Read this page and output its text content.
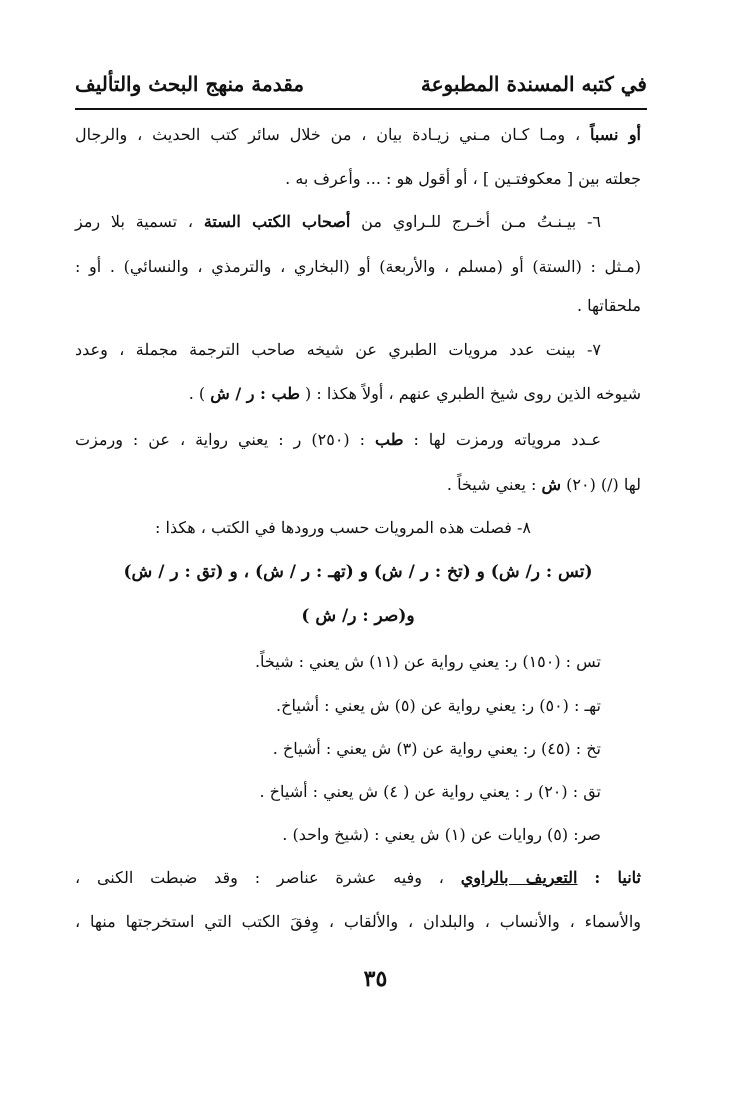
في كتبه المسندة المطبوعة
مقدمة منهج البحث والتأليف
أو نسباً ، ومـا كـان مـني زيـادة بيان ، من خلال سائر كتب الحديث ، والرجال
جعلته بين [ معكوفتـين ] ، أو أقول هو : ... وأعرف به .
٦- بيـنـتُ مـن أخـرج للـراوي من أصحاب الكتب الستة ، تسمية بلا رمز
(مـثل : (الستة) أو (مسلم ، والأربعة) أو (البخاري ، والترمذي ، والنسائي) . أو :
ملحقاتها .
٧- بينت عدد مرويات الطبري عن شيخه صاحب الترجمة مجملة ، وعدد
شيوخه الذين روى شيخ الطبري عنهم ، أولاً هكذا : ( طب : ر / ش ) .
عـدد مروياته ورمزت لها : طب : (٢٥٠) ر : يعني رواية ، عن : ورمزت
لها (/) (٢٠) ش : يعني شيخاً .
٨- فصلت هذه المرويات حسب ورودها في الكتب ، هكذا :
(تس : ر/ ش) و (تخ : ر / ش) و (تهـ : ر / ش) ، و (تق : ر / ش)
و(صر : ر/ ش )
تس : (١٥٠) ر: يعني رواية عن (١١) ش يعني : شيخاً.
تهـ : (٥٠) ر: يعني رواية عن (٥) ش يعني : أشياخ.
تخ : (٤٥) ر: يعني رواية عن (٣) ش يعني : أشياخ .
تق : (٢٠) ر : يعني رواية عن ( ٤) ش يعني : أشياخ .
صر: (٥) روايات عن (١) ش يعني : (شيخ واحد) .
ثانيا : التعريف بالراوي ، وفيه عشرة عناصر : وقد ضبطت الكنى ،
والأسماء ، والأنساب ، والبلدان ، والألقاب ، وِفقَ الكتب التي استخرجتها منها ،
٣٥
